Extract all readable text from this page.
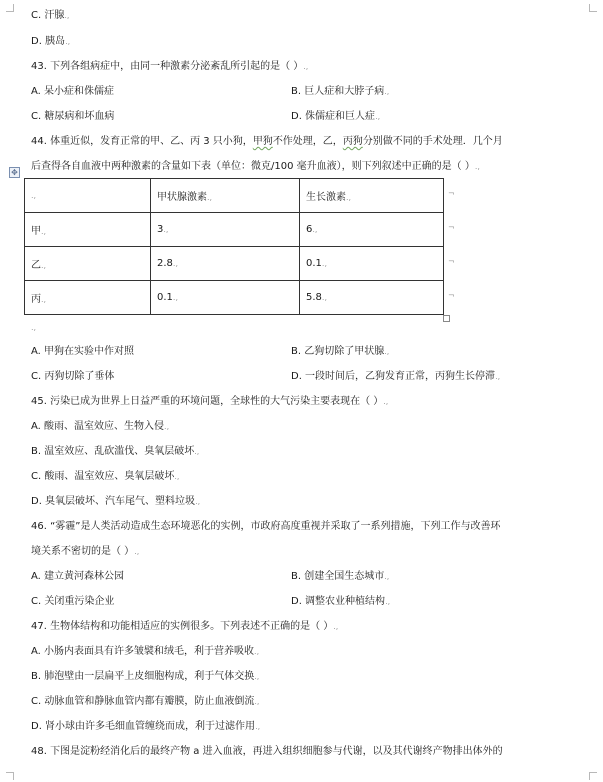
C. 汗腺.,
D. 胰岛.,
43. 下列各组病症中，由同一种激素分泌紊乱所引起的是（ ）.,
A. 呆小症和侏儒症	B. 巨人症和大脖子病.,
C. 糖尿病和坏血病	D. 侏儒症和巨人症.,
44. 体重近似，发育正常的甲、乙、丙 3 只小狗，甲狗不作处理，乙，丙狗分别做不同的手术处理．几个月
后查得各自血液中两种激素的含量如下表（单位：微克/100 毫升血液），则下列叙述中正确的是（ ）.,
✥
.,	甲状腺激素.,	生长激素.,
甲.,	3.,	6.,
乙.,	2.8.,	0.1.,
丙.,	0.1.,	5.8.,
¬
¬
¬
¬
.,
A. 甲狗在实验中作对照	B. 乙狗切除了甲状腺.,
C. 丙狗切除了垂体	D. 一段时间后，乙狗发育正常，丙狗生长停滞.,
45. 污染已成为世界上日益严重的环境问题，全球性的大气污染主要表现在（ ）.,
A. 酸雨、温室效应、生物入侵.,
B. 温室效应、乱砍滥伐、臭氧层破坏.,
C. 酸雨、温室效应、臭氧层破坏.,
D. 臭氧层破坏、汽车尾气、塑料垃圾.,
46. “雾霾”是人类活动造成生态环境恶化的实例，市政府高度重视并采取了一系列措施，下列工作与改善环
境关系不密切的是（ ）.,
A. 建立黄河森林公园	B. 创建全国生态城市.,
C. 关闭重污染企业	D. 调整农业种植结构.,
47. 生物体结构和功能相适应的实例很多。下列表述不正确的是（ ）.,
A. 小肠内表面具有许多皱襞和绒毛，利于营养吸收.,
B. 肺泡壁由一层扁平上皮细胞构成，利于气体交换.,
C. 动脉血管和静脉血管内都有瓣膜，防止血液倒流.,
D. 肾小球由许多毛细血管缠绕而成，利于过滤作用.,
48. 下图是淀粉经消化后的最终产物 a 进入血液，再进入组织细胞参与代谢，以及其代谢终产物排出体外的
